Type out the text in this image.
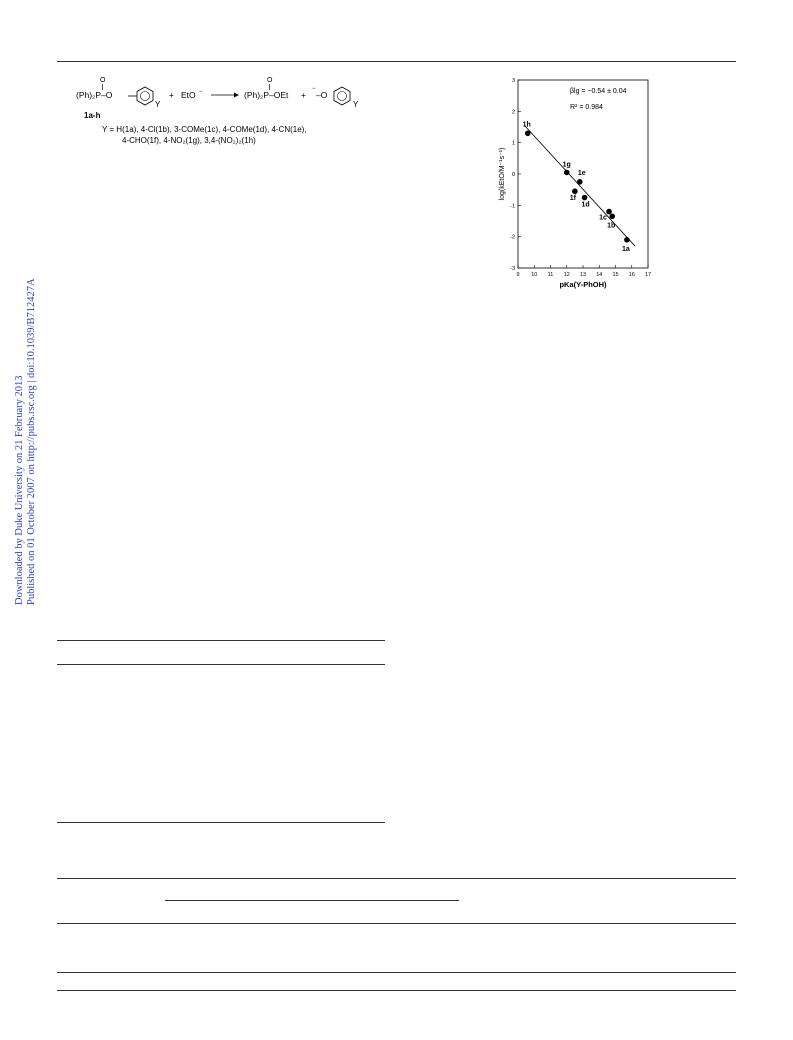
Downloaded by Duke University on 21 February 2013 Published on 01 October 2007 on http://pubs.rsc.org | doi:10.1039/B712427A
(Ph)₂P–O
O
Y
+ EtO −	(Ph)₂P–OEt
O
+
−
–O
Y
1a-h
Y = H(1a), 4-Cl(1b), 3-COMe(1c), 4-COMe(1d), 4-CN(1e),
4-CHO(1f), 4-NO₂(1g), 3,4-(NO₂)₂(1h)
9 10 11 12 13 14 15 16 17
-3
-2
-1
0
1
2
3
1h
1g
1e
1f
1d
1c
1b
1a
βlg = −0.54 ± 0.04
R² = 0.984
pKa(Y-PhOH)
log(kEtO/M⁻¹s⁻¹)
